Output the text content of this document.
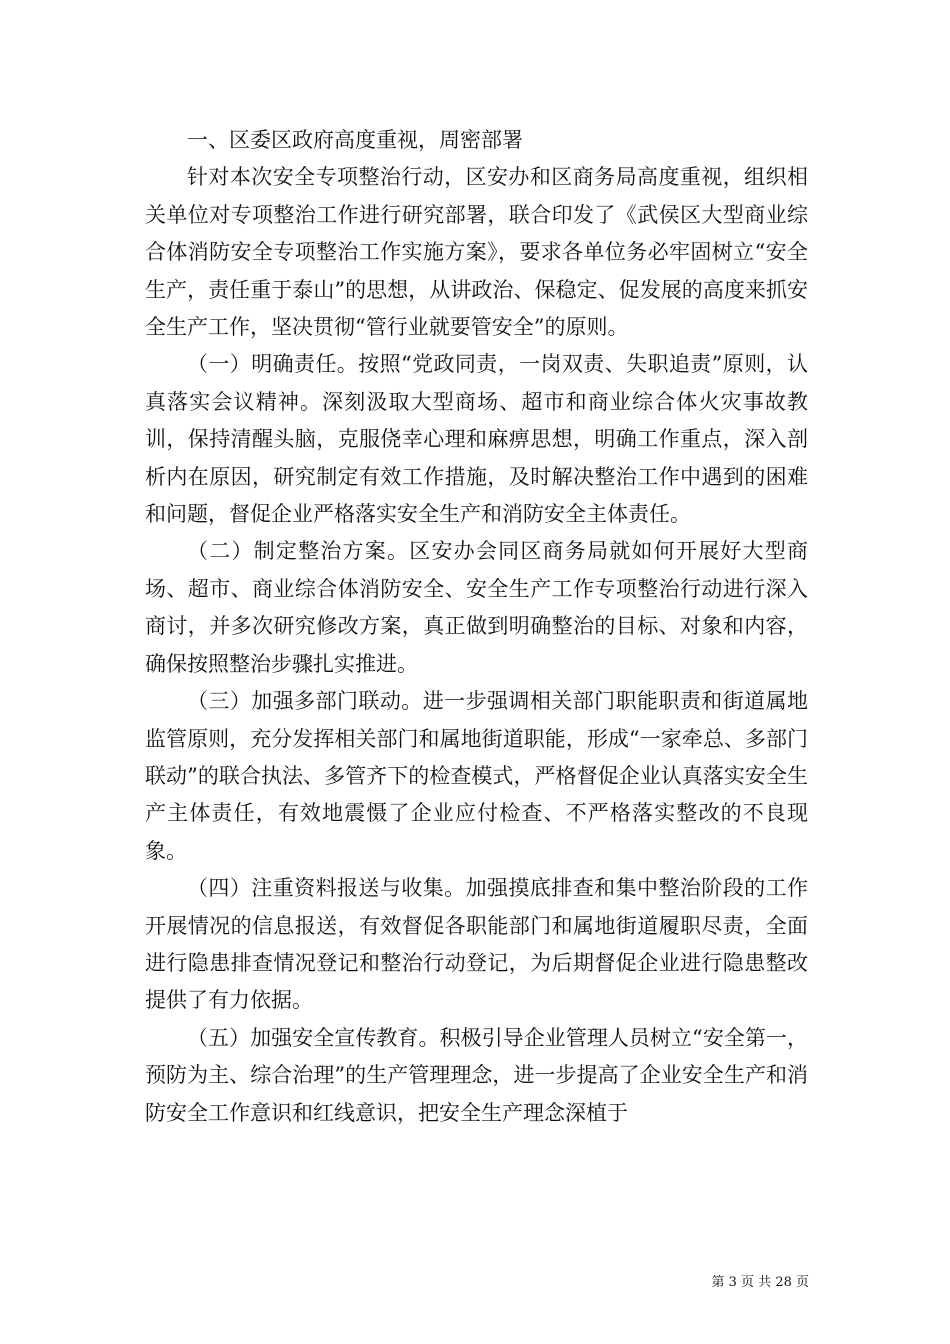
一、区委区政府高度重视，周密部署

针对本次安全专项整治行动，区安办和区商务局高度重视，组织相关单位对专项整治工作进行研究部署，联合印发了《武侯区大型商业综合体消防安全专项整治工作实施方案》，要求各单位务必牢固树立“安全生产，责任重于泰山”的思想，从讲政治、保稳定、促发展的高度来抓安全生产工作，坚决贯彻“管行业就要管安全”的原则。

（一）明确责任。按照“党政同责，一岗双责、失职追责”原则，认真落实会议精神。深刻汲取大型商场、超市和商业综合体火灾事故教训，保持清醒头脑，克服侥幸心理和麻痹思想，明确工作重点，深入剖析内在原因，研究制定有效工作措施，及时解决整治工作中遇到的困难和问题，督促企业严格落实安全生产和消防安全主体责任。

（二）制定整治方案。区安办会同区商务局就如何开展好大型商场、超市、商业综合体消防安全、安全生产工作专项整治行动进行深入商讨，并多次研究修改方案，真正做到明确整治的目标、对象和内容，确保按照整治步骤扎实推进。

（三）加强多部门联动。进一步强调相关部门职能职责和街道属地监管原则，充分发挥相关部门和属地街道职能，形成“一家牵总、多部门联动”的联合执法、多管齐下的检查模式，严格督促企业认真落实安全生产主体责任，有效地震慑了企业应付检查、不严格落实整改的不良现象。

（四）注重资料报送与收集。加强摸底排查和集中整治阶段的工作开展情况的信息报送，有效督促各职能部门和属地街道履职尽责，全面进行隐患排查情况登记和整治行动登记，为后期督促企业进行隐患整改提供了有力依据。

（五）加强安全宣传教育。积极引导企业管理人员树立“安全第一，预防为主、综合治理”的生产管理理念，进一步提高了企业安全生产和消防安全工作意识和红线意识，把安全生产理念深植于

第 3 页 共 28 页
